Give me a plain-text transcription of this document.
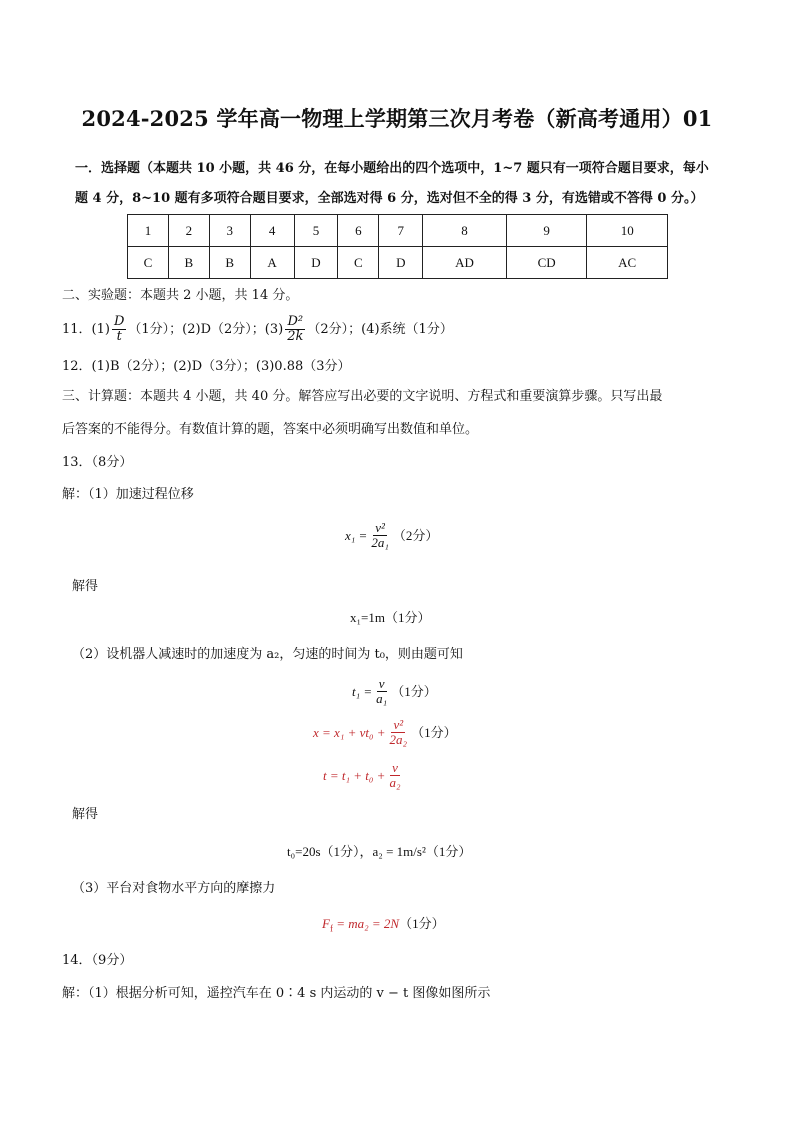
2024-2025 学年高一物理上学期第三次月考卷（新高考通用）01
一．选择题（本题共 10 小题，共 46 分，在每小题给出的四个选项中，1~7 题只有一项符合题目要求，每小
题 4 分，8~10 题有多项符合题目要求，全部选对得 6 分，选对但不全的得 3 分，有选错或不答得 0 分。）
1	2	3	4	5	6	7	8	9	10
C	B	B	A	D	C	D	AD	CD	AC
二、实验题：本题共 2 小题，共 14 分。
11．$(1) \frac{D}{t} (1$分）；(2)D（2分）；$(3) \frac{\text{D²}}{2k} (2$分）；(4)系统（1分）
12．(1)B（2分）；(2)D（3分）；(3)0.88（3分）
三、计算题：本题共 4 小题，共 40 分。解答应写出必要的文字说明、方程式和重要演算步骤。只写出最
后答案的不能得分。有数值计算的题，答案中必须明确写出数值和单位。
13．（8分）
解：（1）加速过程位移
$x_1 = \frac{\text{v²}}{\text{2a₁}} (2$分）
解得
x₁=1m（1分）
（2）设机器人减速时的加速度为 a₂，匀速的时间为 t₀，则由题可知
$t_1 = \frac{v}{\text{a₁}} (1$分）
$x = x_1 + vt_0 + \frac{\text{v²}}{\text{2a₂}} (1$分）
$t = t_1 + t_0 + \frac{v}{\text{a₂}}$
解得
t₀=20s（1分），a₂ = 1m/s²（1分）
（3）平台对食物水平方向的摩擦力
$F_f = ma_2 = 2N(1$分）
14．（9分）
解：（1）根据分析可知，遥控汽车在 0∶4 s 内运动的 v − t 图像如图所示
